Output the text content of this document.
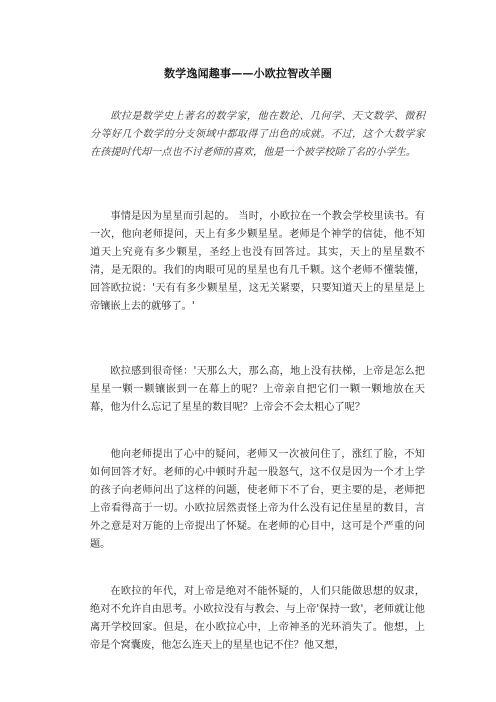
数学逸闻趣事——小欧拉智改羊圈

欧拉是数学史上著名的数学家，他在数论、几何学、天文数学、微积分等好几个数学的分支领域中都取得了出色的成就。不过，这个大数学家在孩提时代却一点也不讨老师的喜欢，他是一个被学校除了名的小学生。

事情是因为星星而引起的。 当时，小欧拉在一个教会学校里读书。有一次，他向老师提问，天上有多少颗星星。老师是个神学的信徒，他不知道天上究竟有多少颗星，圣经上也没有回答过。其实，天上的星星数不清，是无限的。我们的肉眼可见的星星也有几千颗。这个老师不懂装懂，回答欧拉说：'天有有多少颗星星，这无关紧要，只要知道天上的星星是上帝镶嵌上去的就够了。'

欧拉感到很奇怪：'天那么大，那么高，地上没有扶梯，上帝是怎么把星星一颗一颗镶嵌到一在幕上的呢？上帝亲自把它们一颗一颗地放在天幕，他为什么忘记了星星的数目呢？上帝会不会太粗心了呢？

他向老师提出了心中的疑问，老师又一次被问住了，涨红了脸，不知如何回答才好。老师的心中顿时升起一股怒气，这不仅是因为一个才上学的孩子向老师问出了这样的问题，使老师下不了台，更主要的是，老师把上帝看得高于一切。小欧拉居然责怪上帝为什么没有记住星星的数目，言外之意是对万能的上帝提出了怀疑。在老师的心目中，这可是个严重的问题。

在欧拉的年代，对上帝是绝对不能怀疑的，人们只能做思想的奴隶，绝对不允许自由思考。小欧拉没有与教会、与上帝'保持一致'，老师就让他离开学校回家。但是，在小欧拉心中，上帝神圣的光环消失了。他想，上帝是个窝囊废，他怎么连天上的星星也记不住？他又想，
